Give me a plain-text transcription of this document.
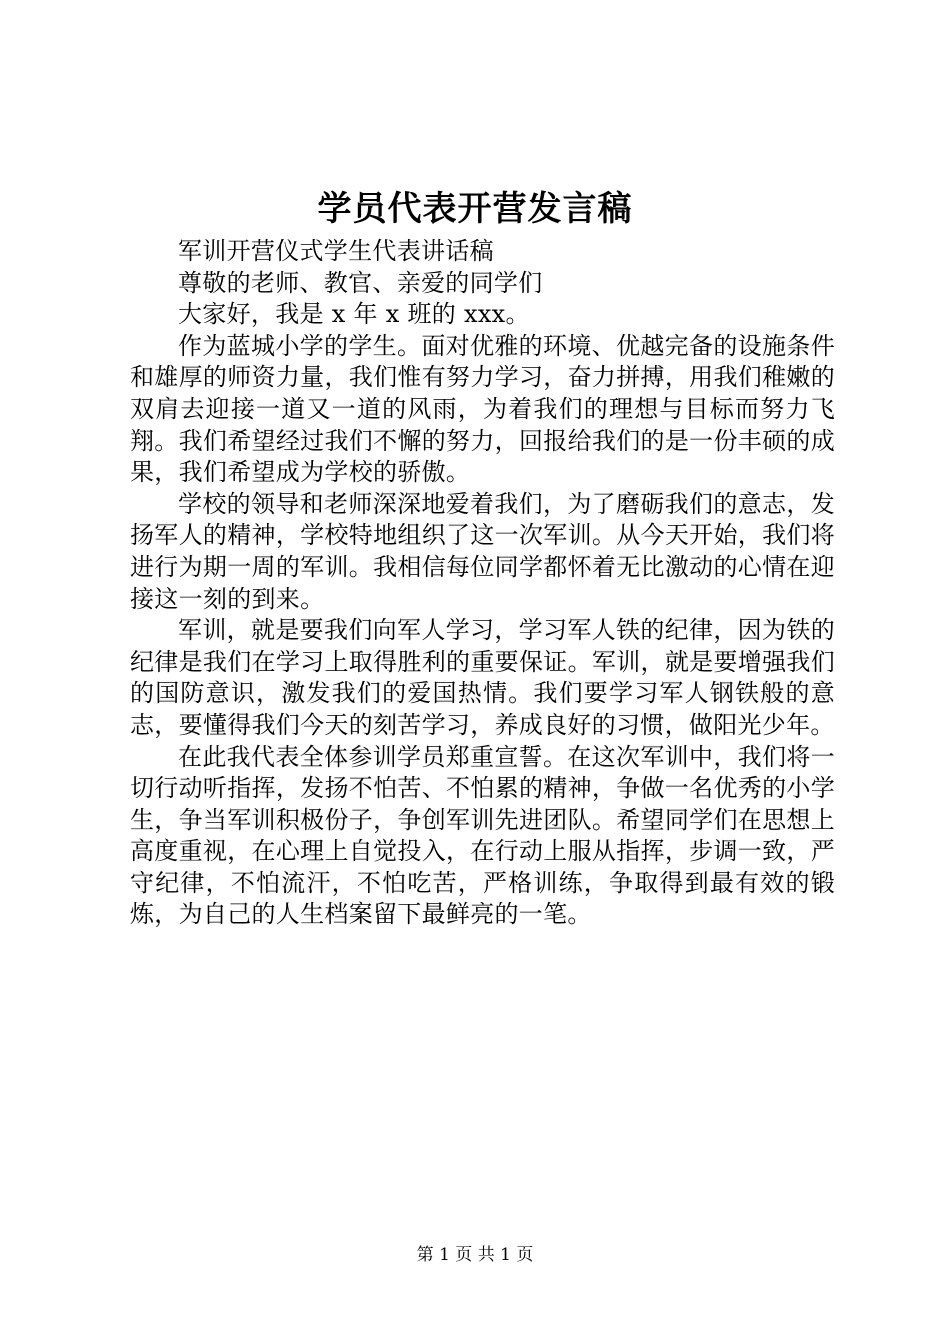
学员代表开营发言稿

军训开营仪式学生代表讲话稿

尊敬的老师、教官、亲爱的同学们

大家好，我是 x 年 x 班的 xxx。

作为蓝城小学的学生。面对优雅的环境、优越完备的设施条件和雄厚的师资力量，我们惟有努力学习，奋力拼搏，用我们稚嫩的双肩去迎接一道又一道的风雨，为着我们的理想与目标而努力飞翔。我们希望经过我们不懈的努力，回报给我们的是一份丰硕的成果，我们希望成为学校的骄傲。

学校的领导和老师深深地爱着我们，为了磨砺我们的意志，发扬军人的精神，学校特地组织了这一次军训。从今天开始，我们将进行为期一周的军训。我相信每位同学都怀着无比激动的心情在迎接这一刻的到来。

军训，就是要我们向军人学习，学习军人铁的纪律，因为铁的纪律是我们在学习上取得胜利的重要保证。军训，就是要增强我们的国防意识，激发我们的爱国热情。我们要学习军人钢铁般的意志，要懂得我们今天的刻苦学习，养成良好的习惯，做阳光少年。

在此我代表全体参训学员郑重宣誓。在这次军训中，我们将一切行动听指挥，发扬不怕苦、不怕累的精神，争做一名优秀的小学生，争当军训积极份子，争创军训先进团队。希望同学们在思想上高度重视，在心理上自觉投入，在行动上服从指挥，步调一致，严守纪律，不怕流汗，不怕吃苦，严格训练，争取得到最有效的锻炼，为自己的人生档案留下最鲜亮的一笔。

第 1 页 共 1 页
